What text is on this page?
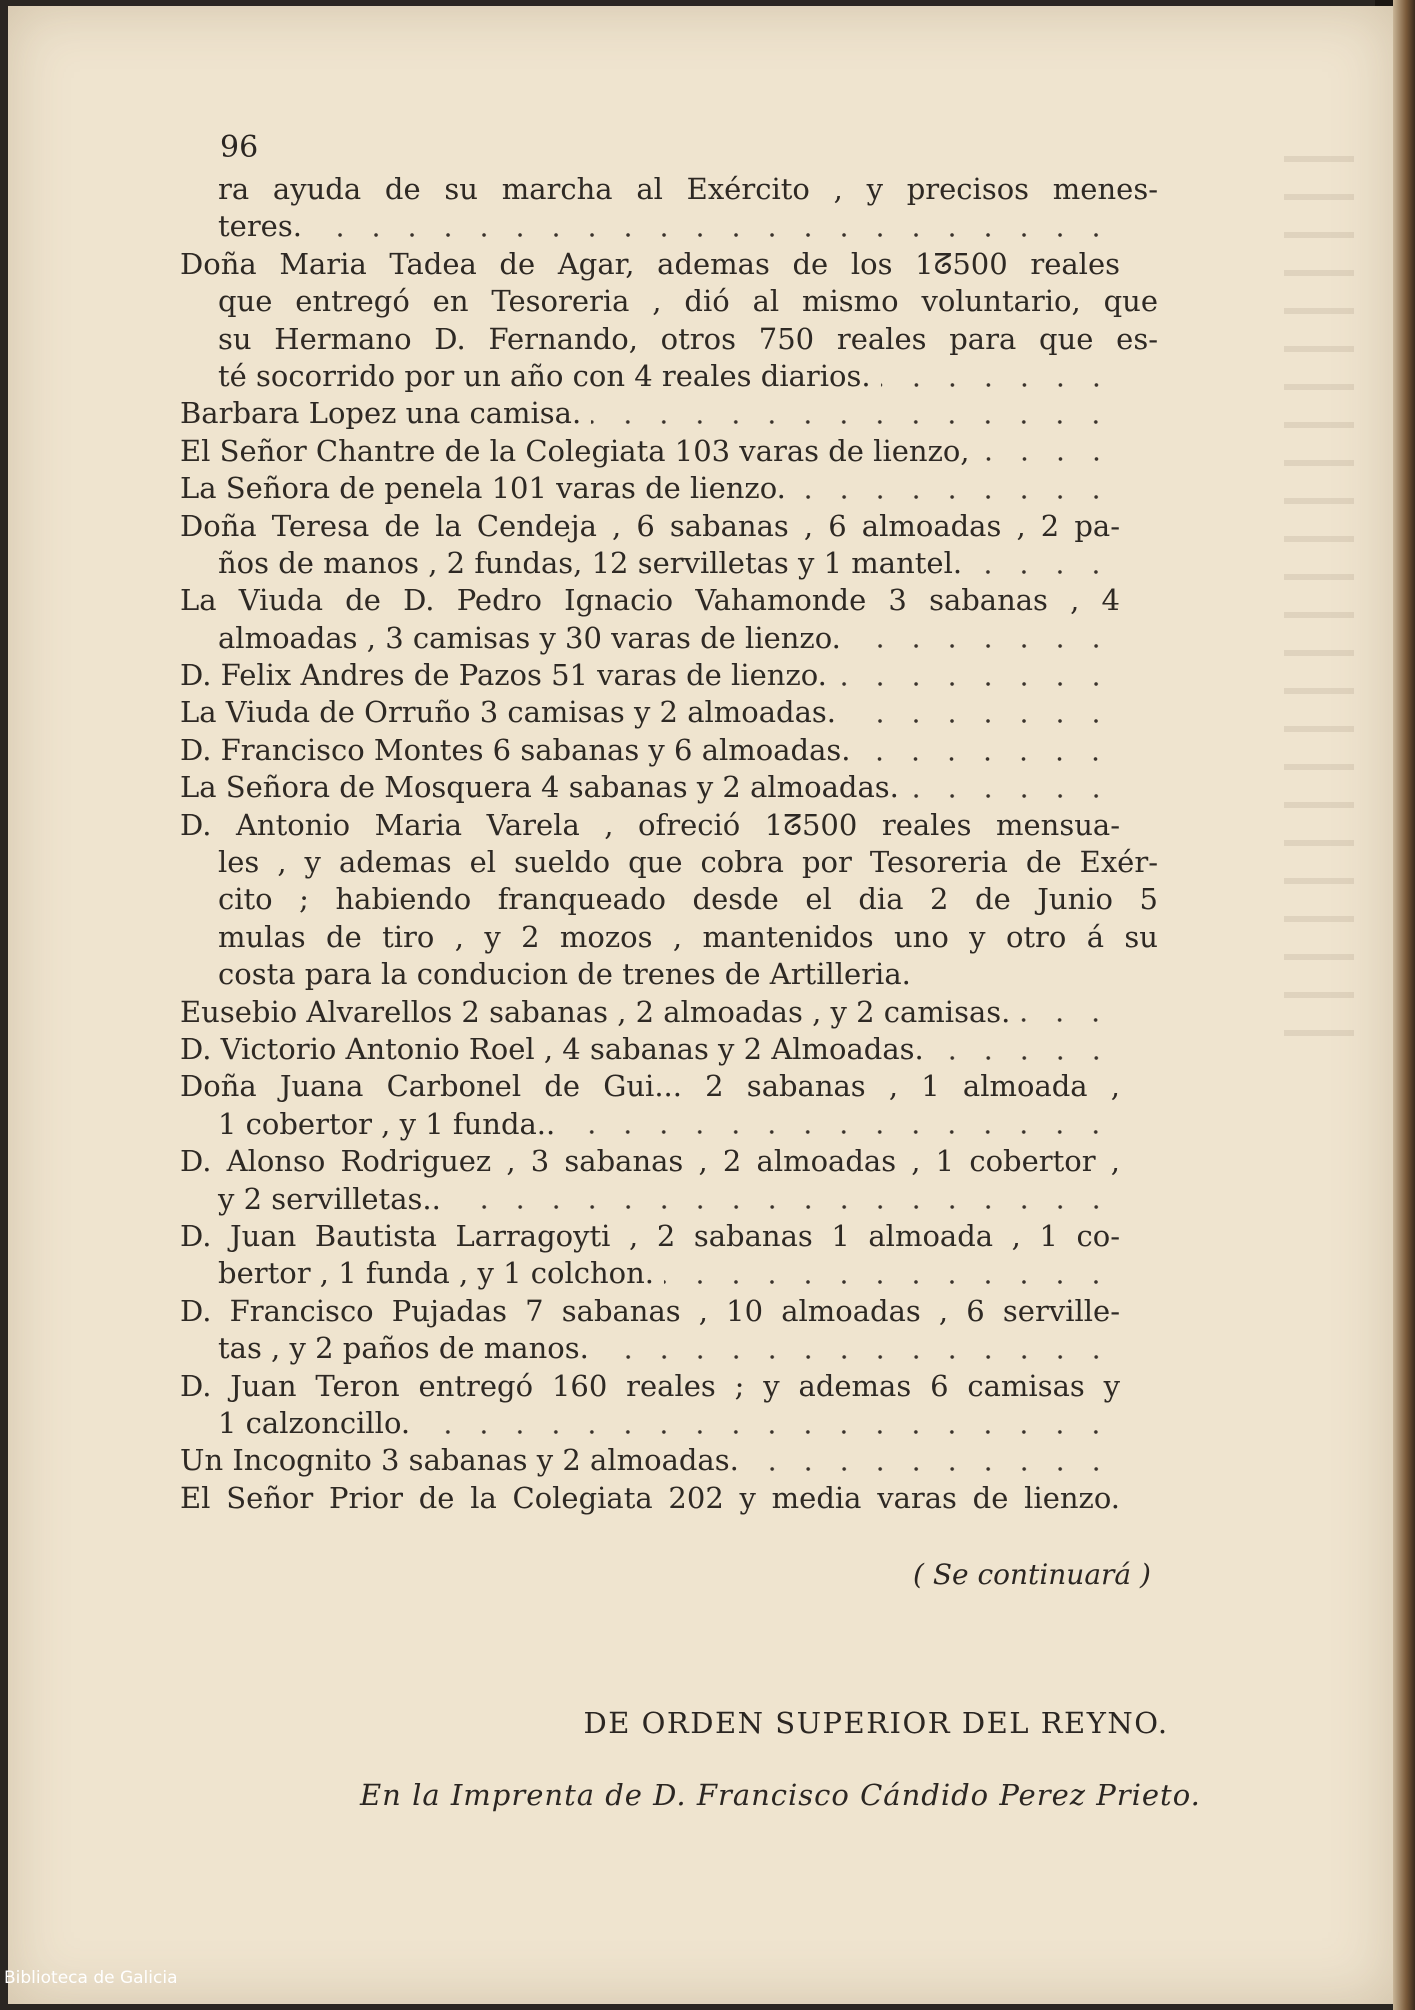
96
ra ayuda de su marcha al Exército , y precisos menes-
teres.
Doña Maria Tadea de Agar, ademas de los 1ᘔ500 reales
que entregó en Tesoreria , dió al mismo voluntario, que
su Hermano D. Fernando, otros 750 reales para que es-
té socorrido por un año con 4 reales diarios.
Barbara Lopez una camisa.
El Señor Chantre de la Colegiata 103 varas de lienzo,
La Señora de penela 101 varas de lienzo.
Doña Teresa de la Cendeja , 6 sabanas , 6 almoadas , 2 pa-
ños de manos , 2 fundas, 12 servilletas y 1 mantel.
La Viuda de D. Pedro Ignacio Vahamonde 3 sabanas , 4
almoadas , 3 camisas y 30 varas de lienzo.
D. Felix Andres de Pazos 51 varas de lienzo.
La Viuda de Orruño 3 camisas y 2 almoadas.
D. Francisco Montes 6 sabanas y 6 almoadas.
La Señora de Mosquera 4 sabanas y 2 almoadas.
D. Antonio Maria Varela , ofreció 1ᘔ500 reales mensua-
les , y ademas el sueldo que cobra por Tesoreria de Exér-
cito ; habiendo franqueado desde el dia 2 de Junio 5
mulas de tiro , y 2 mozos , mantenidos uno y otro á su
costa para la conducion de trenes de Artilleria.
Eusebio Alvarellos 2 sabanas , 2 almoadas , y 2 camisas.
D. Victorio Antonio Roel , 4 sabanas y 2 Almoadas.
Doña Juana Carbonel de Gui... 2 sabanas , 1 almoada ,
1 cobertor , y 1 funda..
D. Alonso Rodriguez , 3 sabanas , 2 almoadas , 1 cobertor ,
y 2 servilletas..
D. Juan Bautista Larragoyti , 2 sabanas 1 almoada , 1 co-
bertor , 1 funda , y 1 colchon.
D. Francisco Pujadas 7 sabanas , 10 almoadas , 6 serville-
tas , y 2 paños de manos.
D. Juan Teron entregó 160 reales ; y ademas 6 camisas y
1 calzoncillo.
Un Incognito 3 sabanas y 2 almoadas.
El Señor Prior de la Colegiata 202 y media varas de lienzo.
( Se continuará )
DE ORDEN SUPERIOR DEL REYNO.
En la Imprenta de D. Francisco Cándido Perez Prieto.
Biblioteca de Galicia
